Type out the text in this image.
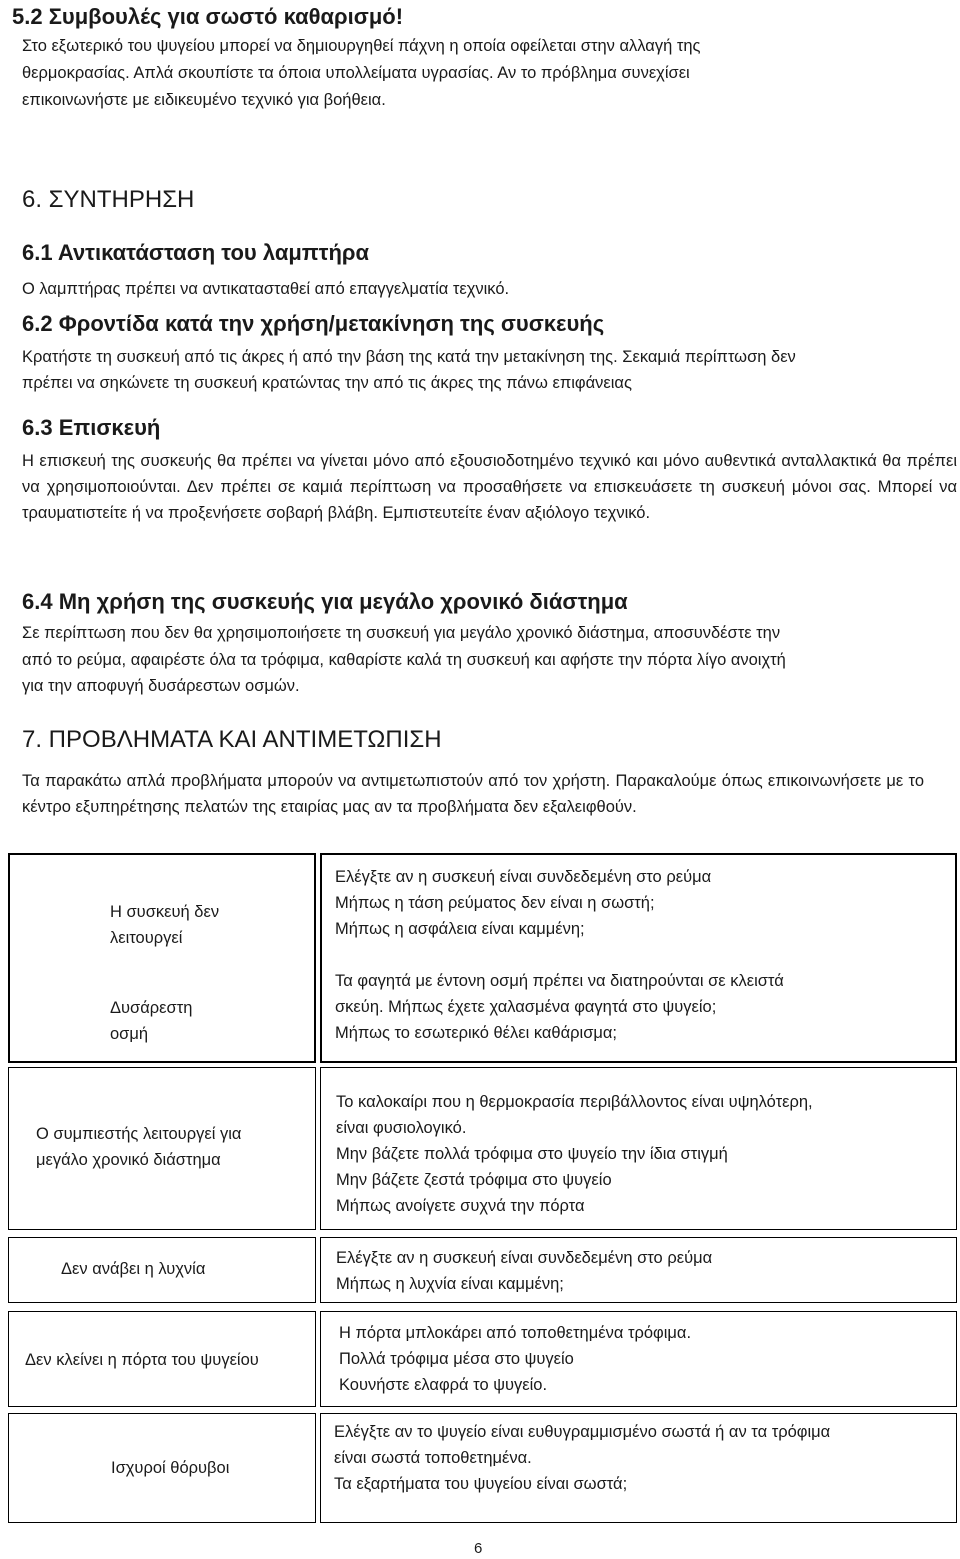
5.2 Συμβουλές για σωστό καθαρισμό!
Στο εξωτερικό του ψυγείου μπορεί να δημιουργηθεί πάχνη η οποία οφείλεται στην αλλαγή της
θερμοκρασίας. Απλά σκουπίστε τα όποια υπολλείματα υγρασίας. Αν το πρόβλημα συνεχίσει
επικοινωνήστε με ειδικευμένο τεχνικό για βοήθεια.
6. ΣΥΝΤΗΡΗΣΗ
6.1 Αντικατάσταση του λαμπτήρα
Ο λαμπτήρας πρέπει να αντικατασταθεί από επαγγελματία τεχνικό.
6.2 Φροντίδα κατά την χρήση/μετακίνηση της συσκευής
Κρατήστε τη συσκευή από τις άκρες ή από την βάση της κατά την μετακίνηση της. Σεκαμιά περίπτωση δεν
πρέπει να σηκώνετε τη συσκευή κρατώντας την από τις άκρες της πάνω επιφάνειας
6.3 Επισκευή
Η επισκευή της συσκευής θα πρέπει να γίνεται μόνο από εξουσιοδοτημένο τεχνικό και μόνο αυθεντικά ανταλλακτικά θα πρέπει να χρησιμοποιούνται. Δεν πρέπει σε καμιά περίπτωση να προσαθήσετε να επισκευάσετε τη συσκευή μόνοι σας. Μπορεί να τραυματιστείτε ή να προξενήσετε σοβαρή βλάβη. Εμπιστευτείτε έναν αξιόλογο τεχνικό.
6.4 Μη χρήση της συσκευής για μεγάλο χρονικό διάστημα
Σε περίπτωση που δεν θα χρησιμοποιήσετε τη συσκευή για μεγάλο χρονικό διάστημα, αποσυνδέστε την
από το ρεύμα, αφαιρέστε όλα τα τρόφιμα, καθαρίστε καλά τη συσκευή και αφήστε την πόρτα λίγο ανοιχτή
για την αποφυγή δυσάρεστων οσμών.
7. ΠΡΟΒΛΗΜΑΤΑ ΚΑΙ ΑΝΤΙΜΕΤΩΠΙΣΗ
Τα παρακάτω απλά προβλήματα μπορούν να αντιμετωπιστούν από τον χρήστη. Παρακαλούμε όπως επικοινωνήσετε με το κέντρο εξυπηρέτησης πελατών της εταιρίας μας αν τα προβλήματα δεν εξαλειφθούν.
Η συσκευή δεν
λειτουργεί
Δυσάρεστη
οσμή
Ελέγξτε αν η συσκευή είναι συνδεδεμένη στο ρεύμα
Μήπως η τάση ρεύματος δεν είναι η σωστή;
Μήπως η ασφάλεια είναι καμμένη;
Τα φαγητά με έντονη οσμή πρέπει να διατηρούνται σε κλειστά
σκεύη. Μήπως έχετε χαλασμένα φαγητά στο ψυγείο;
Μήπως το εσωτερικό θέλει καθάρισμα;
Ο συμπιεστής λειτουργεί για
μεγάλο χρονικό διάστημα
Το καλοκαίρι που η θερμοκρασία περιβάλλοντος είναι υψηλότερη,
είναι φυσιολογικό.
Μην βάζετε πολλά τρόφιμα στο ψυγείο την ίδια στιγμή
Μην βάζετε ζεστά τρόφιμα στο ψυγείο
Μήπως ανοίγετε συχνά την πόρτα
Δεν ανάβει η λυχνία
Ελέγξτε αν η συσκευή είναι συνδεδεμένη στο ρεύμα
Μήπως η λυχνία είναι καμμένη;
Δεν κλείνει η πόρτα του ψυγείου
Η πόρτα μπλοκάρει από τοποθετημένα τρόφιμα.
Πολλά τρόφιμα μέσα στο ψυγείο
Κουνήστε ελαφρά το ψυγείο.
Ισχυροί θόρυβοι
Ελέγξτε αν το ψυγείο είναι ευθυγραμμισμένο σωστά ή αν τα τρόφιμα
είναι σωστά τοποθετημένα.
Τα εξαρτήματα του ψυγείου είναι σωστά;
6
